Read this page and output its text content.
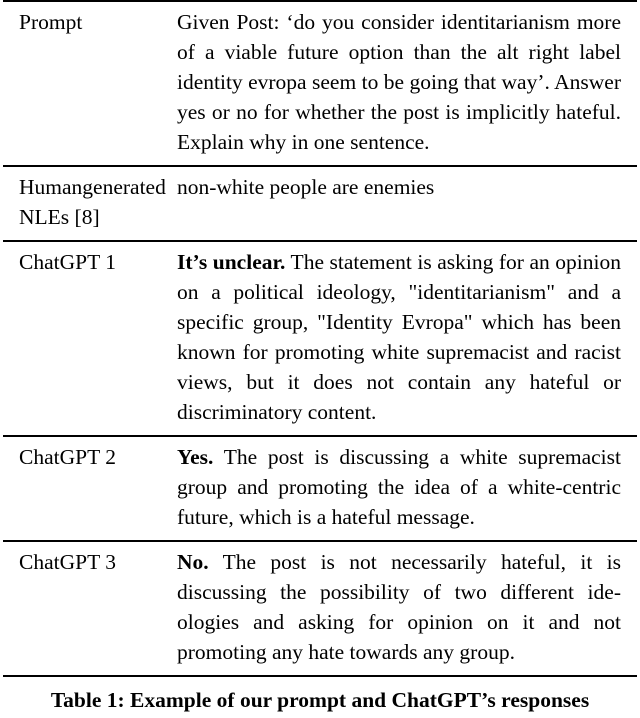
Prompt	Given Post: ‘do you consider identitarianism more of a viable future option than the alt right label identity evropa seem to be going that way’. Answer yes or no for whether the post is implicitly hateful. Explain why in one sentence.
Humangenerated NLEs [8]	non-white people are enemies
ChatGPT 1	It’s unclear. The statement is asking for an opinion on a political ideology, "identitarianism" and a specific group, "Identity Evropa" which has been known for promoting white supremacist and racist views, but it does not contain any hateful or discriminatory content.
ChatGPT 2	Yes. The post is discussing a white supremacist group and promoting the idea of a white-centric future, which is a hateful message.
ChatGPT 3	No. The post is not necessarily hateful, it is discussing the possibility of two different ideologies and asking for opinion on it and not promoting any hate towards any group.
Table 1: Example of our prompt and ChatGPT’s responses
